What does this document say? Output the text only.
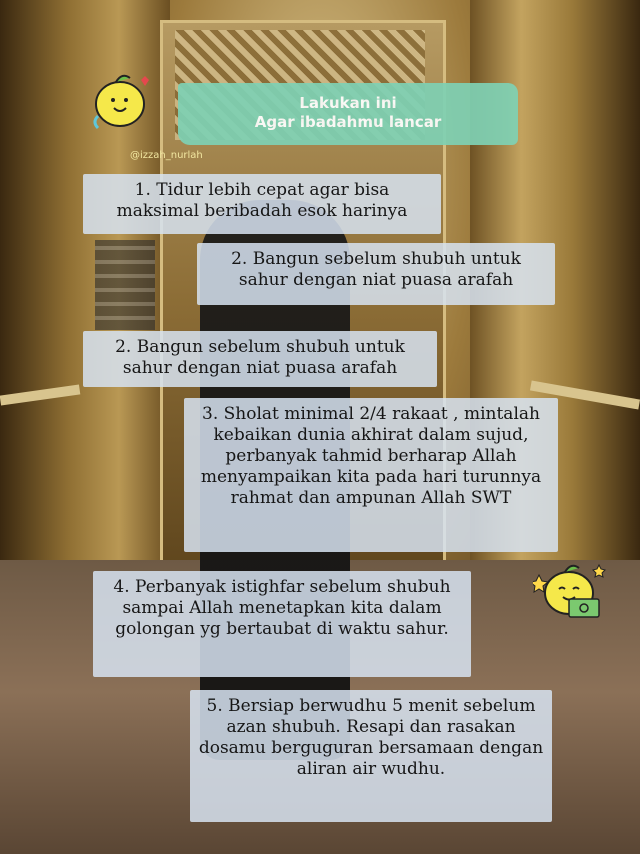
Lakukan ini
Agar ibadahmu lancar
@izzah_nurlah
1. Tidur lebih cepat agar bisa maksimal beribadah esok harinya
2. Bangun sebelum shubuh untuk sahur dengan niat puasa arafah
2. Bangun sebelum shubuh untuk sahur dengan niat puasa arafah
3. Sholat minimal 2/4 rakaat , mintalah kebaikan dunia akhirat dalam sujud, perbanyak tahmid berharap Allah menyampaikan kita pada hari turunnya rahmat dan ampunan Allah SWT
4. Perbanyak istighfar sebelum shubuh sampai Allah menetapkan kita dalam golongan yg bertaubat di waktu sahur.
5. Bersiap berwudhu 5 menit sebelum azan shubuh. Resapi dan rasakan dosamu berguguran bersamaan dengan aliran air wudhu.
